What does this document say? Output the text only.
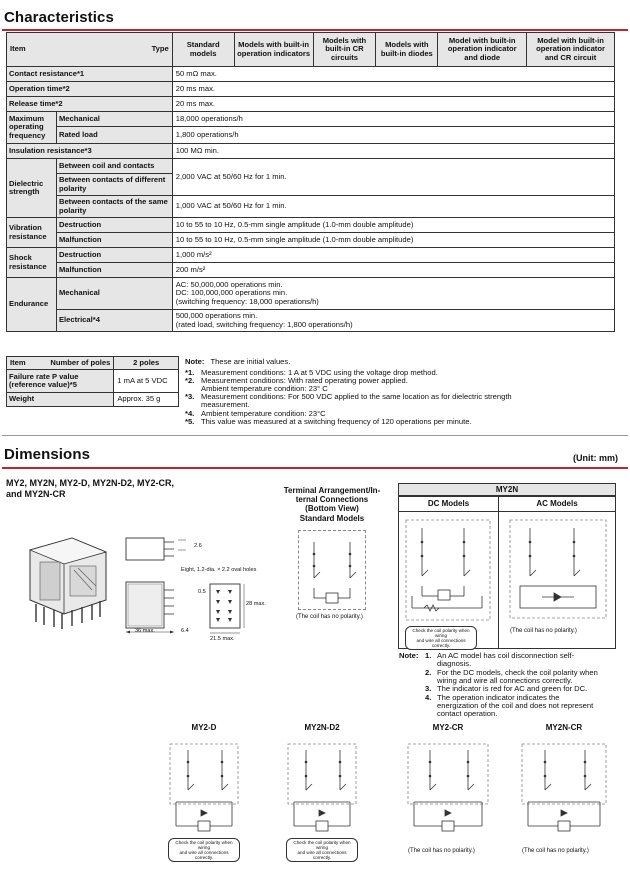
Characteristics
Item Type		Standard models	Models with built-in operation indicators	Models with built-in CR circuits	Models with built-in diodes	Model with built-in operation indicator and diode	Model with built-in operation indicator and CR circuit
Contact resistance*1		50 mΩ max.					
Operation time*2		20 ms max.					
Release time*2		20 ms max.					
Maximum operating frequency	Mechanical	18,000 operations/h					
	Rated load	1,800 operations/h					
Insulation resistance*3		100 MΩ min.					
Dielectric strength	Between coil and contacts	2,000 VAC at 50/60 Hz for 1 min.					
	Between contacts of different polarity						
	Between contacts of the same polarity	1,000 VAC at 50/60 Hz for 1 min.					
Vibration resistance	Destruction	10 to 55 to 10 Hz, 0.5-mm single amplitude (1.0-mm double amplitude)					
	Malfunction	10 to 55 to 10 Hz, 0.5-mm single amplitude (1.0-mm double amplitude)					
Shock resistance	Destruction	1,000 m/s²					
	Malfunction	200 m/s²					
Endurance	Mechanical	AC: 50,000,000 operations min.
DC: 100,000,000 operations min.
(switching frequency: 18,000 operations/h)					

	Electrical*4	500,000 operations min.
(rated load, switching frequency: 1,800 operations/h)					
Item Number of poles	2 poles
Failure rate P value (reference value)*5	1 mA at 5 VDC
Weight	Approx. 35 g
Note: These are initial values.
*1. Measurement conditions: 1 A at 5 VDC using the voltage drop method.
*2. Measurement conditions: With rated operating power applied.
Ambient temperature condition: 23° C
*3. Measurement conditions: For 500 VDC applied to the same location as for dielectric strength
measurement.
*4. Ambient temperature condition: 23°C
*5. This value was measured at a switching frequency of 120 operations per minute.
Dimensions	(Unit: mm)
MY2, MY2N, MY2-D, MY2N-D2, MY2-CR,
and MY2N-CR
2.6
Eight, 1.2-dia. × 2.2 oval holes
0.5
28 max.
36 max.	6.4
21.5 max.
Terminal Arrangement/In-
ternal Connections
(Bottom View)
Standard Models
(The coil has no polarity.)
MY2N
DC Models	AC Models
Check the coil polarity when wiring
and wire all connections correctly.
(The coil has no polarity.)
Note: 1. An AC model has coil disconnection self-
diagnosis.
2. For the DC models, check the coil polarity when
wiring and wire all connections correctly.
3. The indicator is red for AC and green for DC.
4. The operation indicator indicates the
energization of the coil and does not represent
contact operation.
MY2-D
Check the coil polarity when wiring
and wire all connections correctly.
MY2N-D2
Check the coil polarity when wiring
and wire all connections correctly.
MY2-CR
(The coil has no polarity.)
MY2N-CR
(The coil has no polarity.)
